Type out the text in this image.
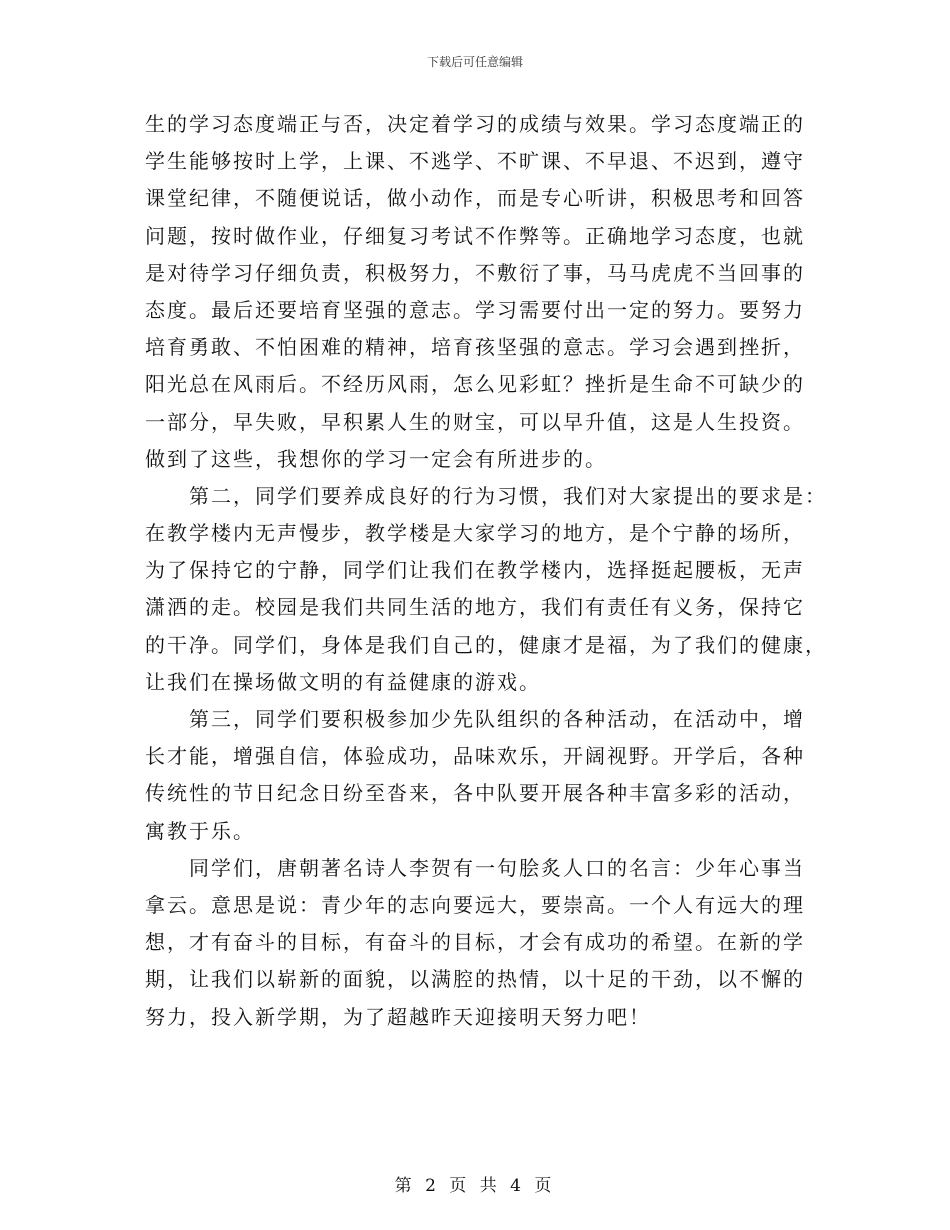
下载后可任意编辑
生的学习态度端正与否，决定着学习的成绩与效果。学习态度端正的
学生能够按时上学，上课、不逃学、不旷课、不早退、不迟到，遵守
课堂纪律，不随便说话，做小动作，而是专心听讲，积极思考和回答
问题，按时做作业，仔细复习考试不作弊等。正确地学习态度，也就
是对待学习仔细负责，积极努力，不敷衍了事，马马虎虎不当回事的
态度。最后还要培育坚强的意志。学习需要付出一定的努力。要努力
培育勇敢、不怕困难的精神，培育孩坚强的意志。学习会遇到挫折，
阳光总在风雨后。不经历风雨，怎么见彩虹？挫折是生命不可缺少的
一部分，早失败，早积累人生的财宝，可以早升值，这是人生投资。
做到了这些，我想你的学习一定会有所进步的。
第二，同学们要养成良好的行为习惯，我们对大家提出的要求是：
在教学楼内无声慢步，教学楼是大家学习的地方，是个宁静的场所，
为了保持它的宁静，同学们让我们在教学楼内，选择挺起腰板，无声
潇洒的走。校园是我们共同生活的地方，我们有责任有义务，保持它
的干净。同学们，身体是我们自己的，健康才是福，为了我们的健康，
让我们在操场做文明的有益健康的游戏。
第三，同学们要积极参加少先队组织的各种活动，在活动中，增
长才能，增强自信，体验成功，品味欢乐，开阔视野。开学后，各种
传统性的节日纪念日纷至沓来，各中队要开展各种丰富多彩的活动，
寓教于乐。
同学们，唐朝著名诗人李贺有一句脍炙人口的名言：少年心事当
拿云。意思是说：青少年的志向要远大，要崇高。一个人有远大的理
想，才有奋斗的目标，有奋斗的目标，才会有成功的希望。在新的学
期，让我们以崭新的面貌，以满腔的热情，以十足的干劲，以不懈的
努力，投入新学期，为了超越昨天迎接明天努力吧！
第 2 页 共 4 页
